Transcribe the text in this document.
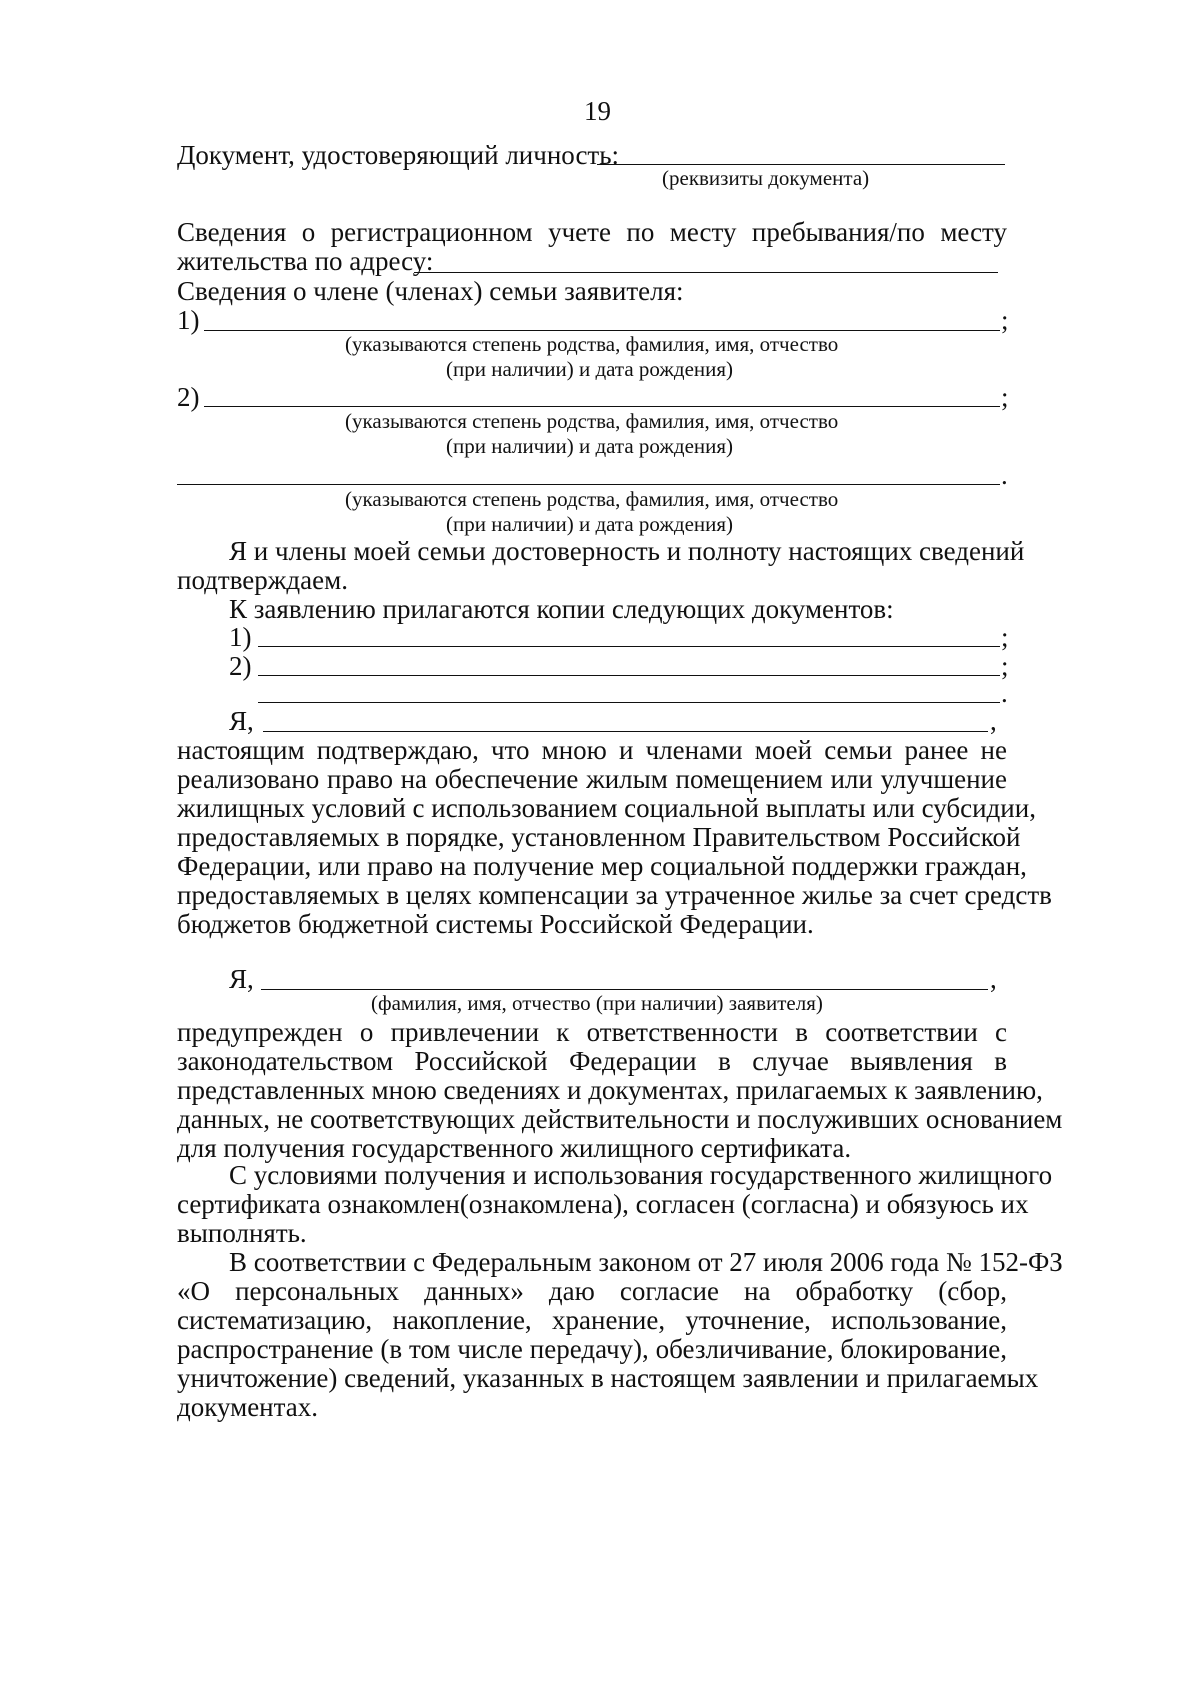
19
Документ, удостоверяющий личность:
(реквизиты документа)
Сведения о регистрационном учете по месту пребывания/по месту
жительства по адресу:
Сведения о члене (членах) семьи заявителя:
1)	;
(указываются степень родства, фамилия, имя, отчество
(при наличии) и дата рождения)
2)	;
(указываются степень родства, фамилия, имя, отчество
(при наличии) и дата рождения)
.
(указываются степень родства, фамилия, имя, отчество
(при наличии) и дата рождения)
Я и члены моей семьи достоверность и полноту настоящих сведений
подтверждаем.
К заявлению прилагаются копии следующих документов:
1)	;
2)	;
.
Я,	,
настоящим подтверждаю, что мною и членами моей семьи ранее не
реализовано право на обеспечение жилым помещением или улучшение
жилищных условий с использованием социальной выплаты или субсидии,
предоставляемых в порядке, установленном Правительством Российской
Федерации, или право на получение мер социальной поддержки граждан,
предоставляемых в целях компенсации за утраченное жилье за счет средств
бюджетов бюджетной системы Российской Федерации.
Я,	,
(фамилия, имя, отчество (при наличии) заявителя)
предупрежден о привлечении к ответственности в соответствии с
законодательством Российской Федерации в случае выявления в
представленных мною сведениях и документах, прилагаемых к заявлению,
данных, не соответствующих действительности и послуживших основанием
для получения государственного жилищного сертификата.
С условиями получения и использования государственного жилищного
сертификата ознакомлен(ознакомлена), согласен (согласна) и обязуюсь их
выполнять.
В соответствии с Федеральным законом от 27 июля 2006 года № 152-ФЗ
«О персональных данных» даю согласие на обработку (сбор,
систематизацию, накопление, хранение, уточнение, использование,
распространение (в том числе передачу), обезличивание, блокирование,
уничтожение) сведений, указанных в настоящем заявлении и прилагаемых
документах.
